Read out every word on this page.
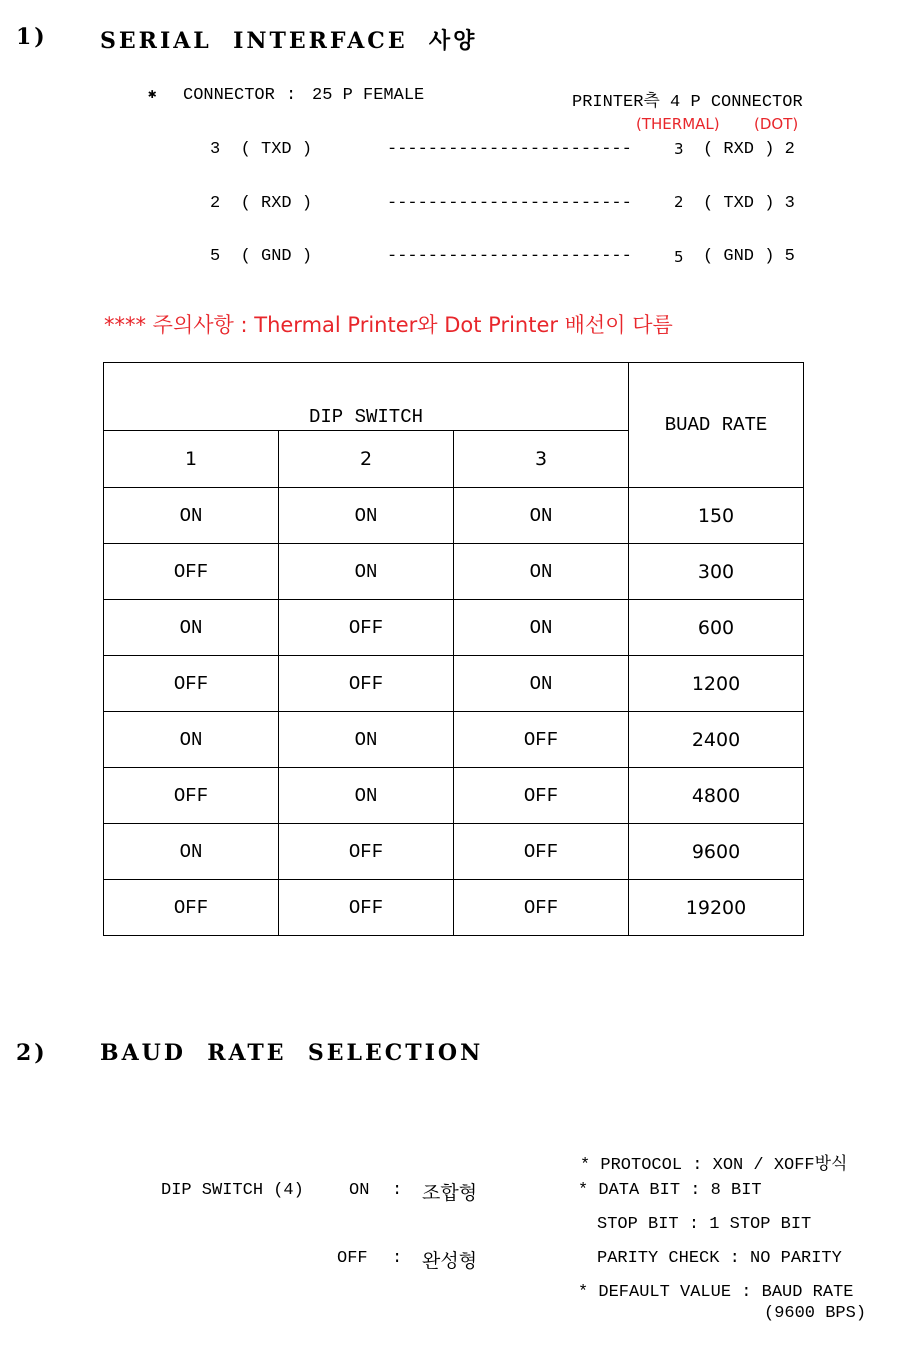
1) SERIAL  INTERFACE  사양
✱ CONNECTOR : 25 P FEMALE	PRINTER측 4 P CONNECTOR
(THERMAL) (DOT)
3  ( TXD )	------------------------	3 ( RXD ) 2
2  ( RXD )	------------------------	2 ( TXD ) 3
5  ( GND )	------------------------	5 ( GND ) 5
**** 주의사항 : Thermal Printer와 Dot Printer 배선이 다름
DIP SWITCH			BUAD RATE
1	2	3	
ON	ON	ON	150
OFF	ON	ON	300
ON	OFF	ON	600
OFF	OFF	ON	1200
ON	ON	OFF	2400
OFF	ON	OFF	4800
ON	OFF	OFF	9600
OFF	OFF	OFF	19200
2) BAUD  RATE  SELECTION
DIP SWITCH (4)	ON : 조합형
OFF : 완성형
* PROTOCOL : XON / XOFF방식
* DATA BIT : 8 BIT
STOP BIT : 1 STOP BIT
PARITY CHECK : NO PARITY
* DEFAULT VALUE : BAUD RATE
(9600 BPS)
